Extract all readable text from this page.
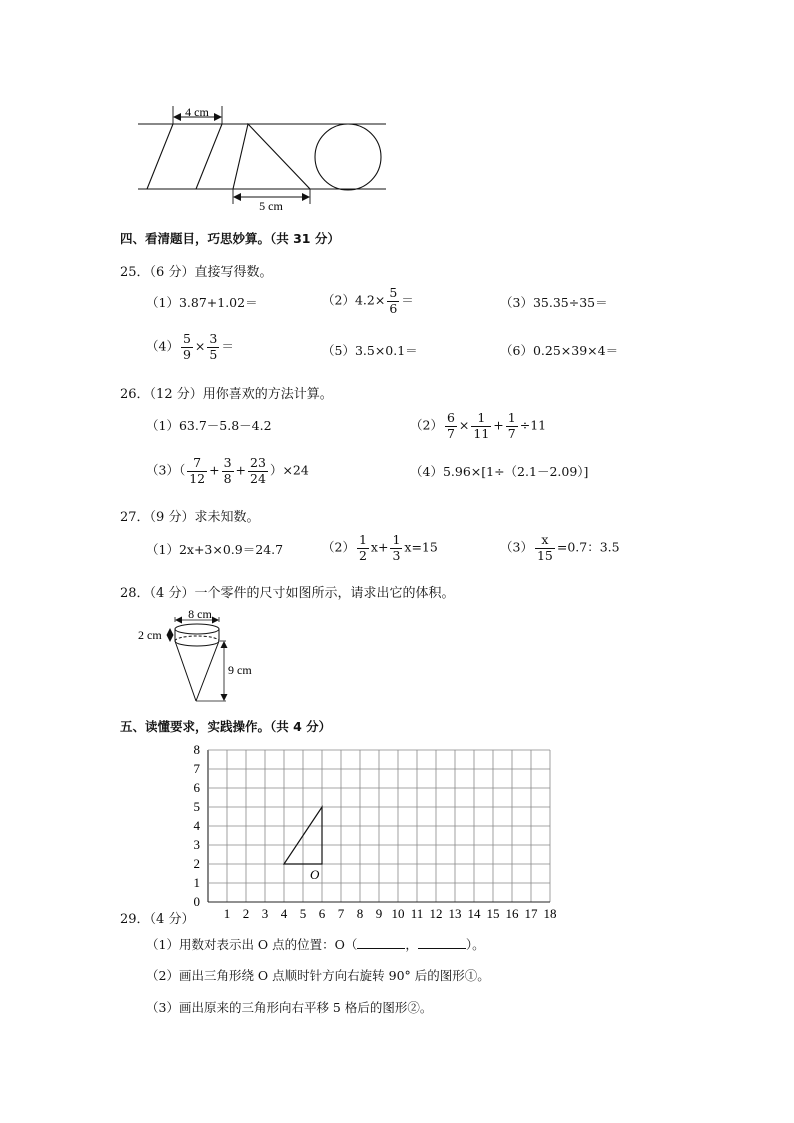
4 cm
5 cm
四、看清题目，巧思妙算。（共 31 分）
25．（6 分）直接写得数。
（1）3.87+1.02＝	$(2)4.2\times \frac{5}{6}$ ＝	（3）35.35÷35＝
$(4) \frac{5}{9} \times \frac{3}{5}$ ＝	（5）3.5×0.1＝	（6）0.25×39×4＝
26．（12 分）用你喜欢的方法计算。
（1）63.7－5.8－4.2	$(2) \frac{6}{7} \times \frac{1}{11} + \frac{1}{7} \div 11$
$(3)( \frac{7}{12} + \frac{3}{8} + \frac{23}{24} )\times 24$	（4）5.96×[1÷（2.1－2.09）]
27．（9 分）求未知数。
（1）2x+3×0.9＝24.7	$(2) \frac{1}{2} x+ \frac{1}{3} x=15$	$(3) \frac{x}{15} =0.7$：3.5
28．（4 分）一个零件的尺寸如图所示，请求出它的体积。
8 cm
2 cm
9 cm
五、读懂要求，实践操作。（共 4 分）
O
0
1
2
3
4
5
6
7
8
1 2 3 4 5 6 7 8 9 10 11 12 13 14 15 16 17 18
29．（4 分）
（1）用数对表示出 O 点的位置：O（	，	）。
（2）画出三角形绕 O 点顺时针方向右旋转 90° 后的图形①。
（3）画出原来的三角形向右平移 5 格后的图形②。
